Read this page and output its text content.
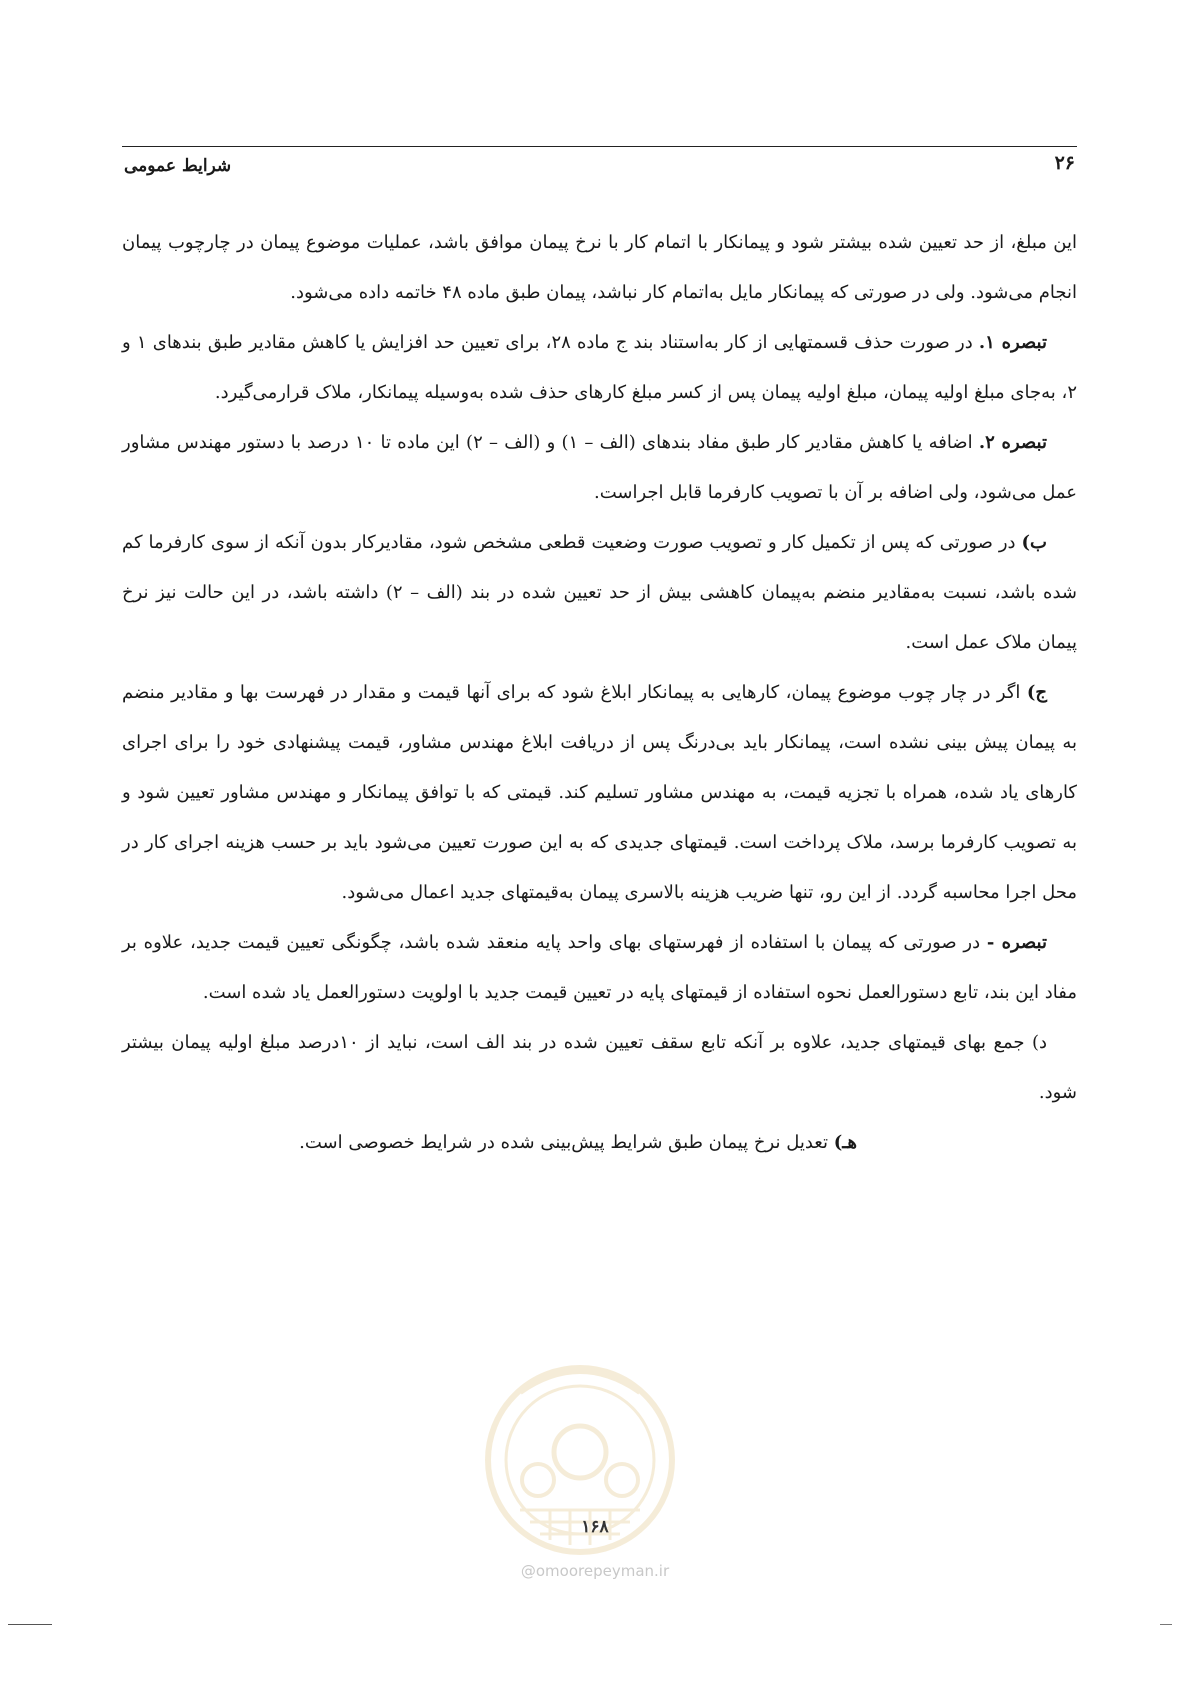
۲۶
شرایط عمومی

این مبلغ، از حد تعیین شده بیشتر شود و پیمانکار با اتمام کار با نرخ پیمان موافق باشد، عملیات موضوع پیمان در چارچوب پیمان انجام می‌شود. ولی در صورتی که پیمانکار مایل به‌اتمام کار نباشد، پیمان طبق ماده ۴۸ خاتمه داده می‌شود.

تبصره ۱. در صورت حذف قسمتهایی از کار به‌استناد بند ج ماده ۲۸، برای تعیین حد افزایش یا کاهش مقادیر طبق بندهای ۱ و ۲، به‌جای مبلغ اولیه پیمان، مبلغ اولیه پیمان پس از کسر مبلغ کارهای حذف شده به‌وسیله پیمانکار، ملاک قرارمی‌گیرد.

تبصره ۲. اضافه یا کاهش مقادیر کار طبق مفاد بندهای (الف – ۱) و (الف – ۲) این ماده تا ۱۰ درصد با دستور مهندس مشاور عمل می‌شود، ولی اضافه بر آن با تصویب کارفرما قابل اجراست.

ب) در صورتی که پس از تکمیل کار و تصویب صورت وضعیت قطعی مشخص شود، مقادیرکار بدون آنکه از سوی کارفرما کم شده باشد، نسبت به‌مقادیر منضم به‌پیمان کاهشی بیش از حد تعیین شده در بند (الف – ۲) داشته باشد، در این حالت نیز نرخ پیمان ملاک عمل است.

ج) اگر در چار چوب موضوع پیمان، کارهایی به پیمانکار ابلاغ شود که برای آنها قیمت و مقدار در فهرست بها و مقادیر منضم به پیمان پیش بینی نشده است، پیمانکار باید بی‌درنگ پس از دریافت ابلاغ مهندس مشاور، قیمت پیشنهادی خود را برای اجرای کارهای یاد شده، همراه با تجزیه قیمت، به مهندس مشاور تسلیم کند. قیمتی که با توافق پیمانکار و مهندس مشاور تعیین شود و به تصویب کارفرما برسد، ملاک پرداخت است. قیمتهای جدیدی که به این صورت تعیین می‌شود باید بر حسب هزینه اجرای کار در محل اجرا محاسبه گردد. از این رو، تنها ضریب هزینه بالاسری پیمان به‌قیمتهای جدید اعمال می‌شود.

تبصره - در صورتی که پیمان با استفاده از فهرستهای بهای واحد پایه منعقد شده باشد، چگونگی تعیین قیمت جدید، علاوه بر مفاد این بند، تابع دستورالعمل نحوه استفاده از قیمتهای پایه در تعیین قیمت جدید با اولویت دستورالعمل یاد شده است.

د) جمع بهای قیمتهای جدید، علاوه بر آنکه تابع سقف تعیین شده در بند الف است، نباید از ۱۰درصد مبلغ اولیه پیمان بیشتر شود.

هـ) تعدیل نرخ پیمان طبق شرایط پیش‌بینی شده در شرایط خصوصی است.

۱۶۸
@omoorepeyman.ir
